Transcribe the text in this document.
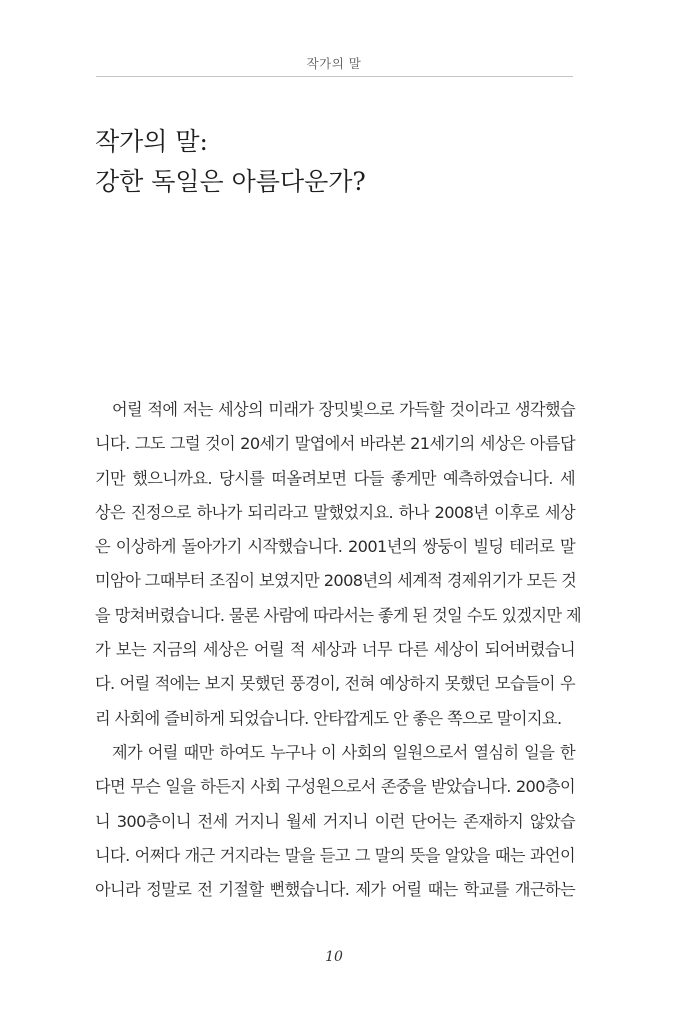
작가의 말
작가의 말:
강한 독일은 아름다운가?
어릴 적에 저는 세상의 미래가 장밋빛으로 가득할 것이라고 생각했습
니다. 그도 그럴 것이 20세기 말엽에서 바라본 21세기의 세상은 아름답
기만 했으니까요. 당시를 떠올려보면 다들 좋게만 예측하였습니다. 세
상은 진정으로 하나가 되리라고 말했었지요. 하나 2008년 이후로 세상
은 이상하게 돌아가기 시작했습니다. 2001년의 쌍둥이 빌딩 테러로 말
미암아 그때부터 조짐이 보였지만 2008년의 세계적 경제위기가 모든 것
을 망쳐버렸습니다. 물론 사람에 따라서는 좋게 된 것일 수도 있겠지만 제
가 보는 지금의 세상은 어릴 적 세상과 너무 다른 세상이 되어버렸습니
다. 어릴 적에는 보지 못했던 풍경이, 전혀 예상하지 못했던 모습들이 우
리 사회에 즐비하게 되었습니다. 안타깝게도 안 좋은 쪽으로 말이지요.
제가 어릴 때만 하여도 누구나 이 사회의 일원으로서 열심히 일을 한
다면 무슨 일을 하든지 사회 구성원으로서 존중을 받았습니다. 200층이
니 300층이니 전세 거지니 월세 거지니 이런 단어는 존재하지 않았습
니다. 어쩌다 개근 거지라는 말을 듣고 그 말의 뜻을 알았을 때는 과언이
아니라 정말로 전 기절할 뻔했습니다. 제가 어릴 때는 학교를 개근하는
10
